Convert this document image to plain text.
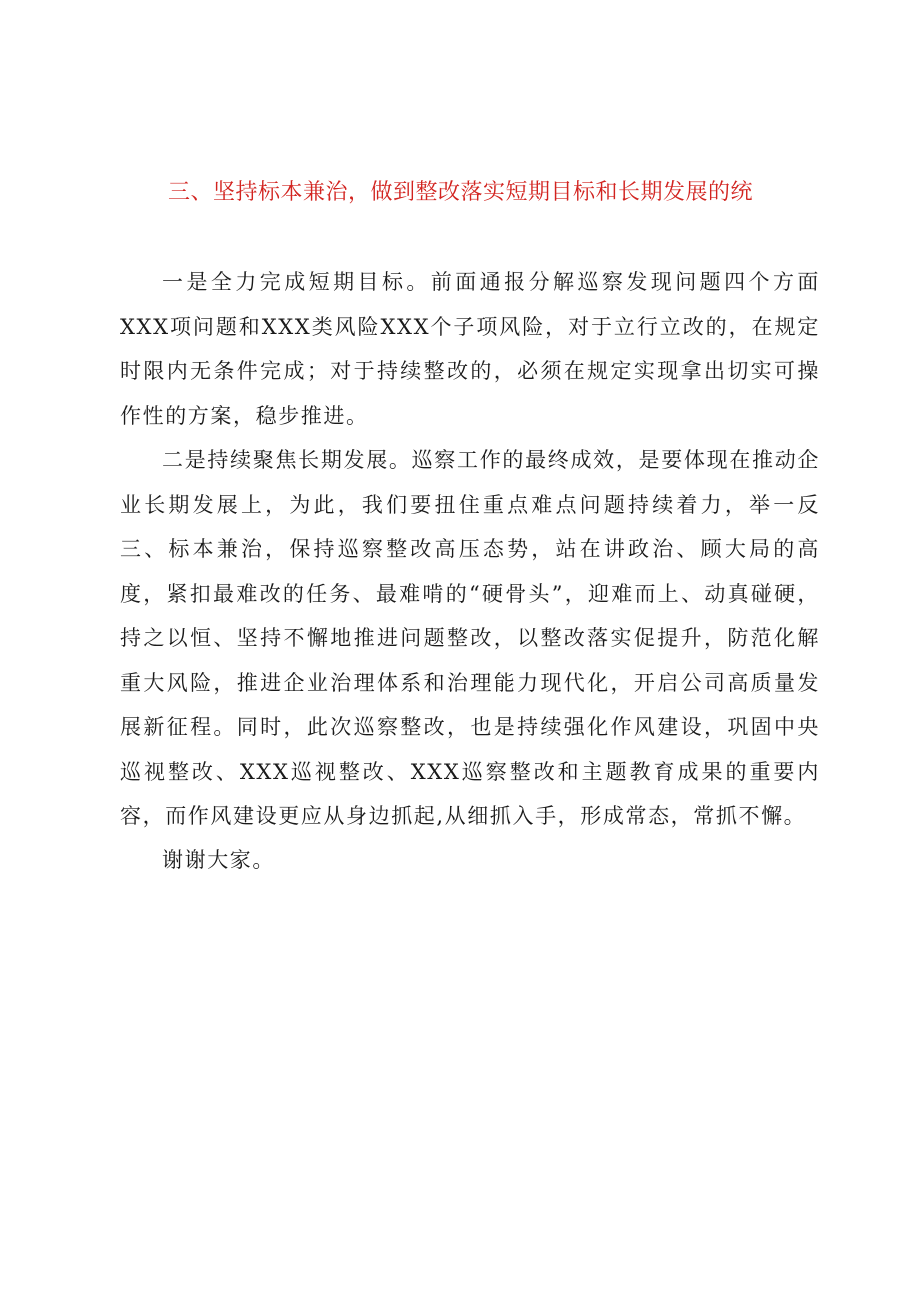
三、坚持标本兼治，做到整改落实短期目标和长期发展的统

一是全力完成短期目标。前面通报分解巡察发现问题四个方面XXX项问题和XXX类风险XXX个子项风险，对于立行立改的，在规定时限内无条件完成；对于持续整改的，必须在规定实现拿出切实可操作性的方案，稳步推进。

二是持续聚焦长期发展。巡察工作的最终成效，是要体现在推动企业长期发展上，为此，我们要扭住重点难点问题持续着力，举一反三、标本兼治，保持巡察整改高压态势，站在讲政治、顾大局的高度，紧扣最难改的任务、最难啃的“硬骨头”，迎难而上、动真碰硬，持之以恒、坚持不懈地推进问题整改，以整改落实促提升，防范化解重大风险，推进企业治理体系和治理能力现代化，开启公司高质量发展新征程。同时，此次巡察整改，也是持续强化作风建设，巩固中央巡视整改、XXX巡视整改、XXX巡察整改和主题教育成果的重要内容，而作风建设更应从身边抓起,从细抓入手，形成常态，常抓不懈。

谢谢大家。
